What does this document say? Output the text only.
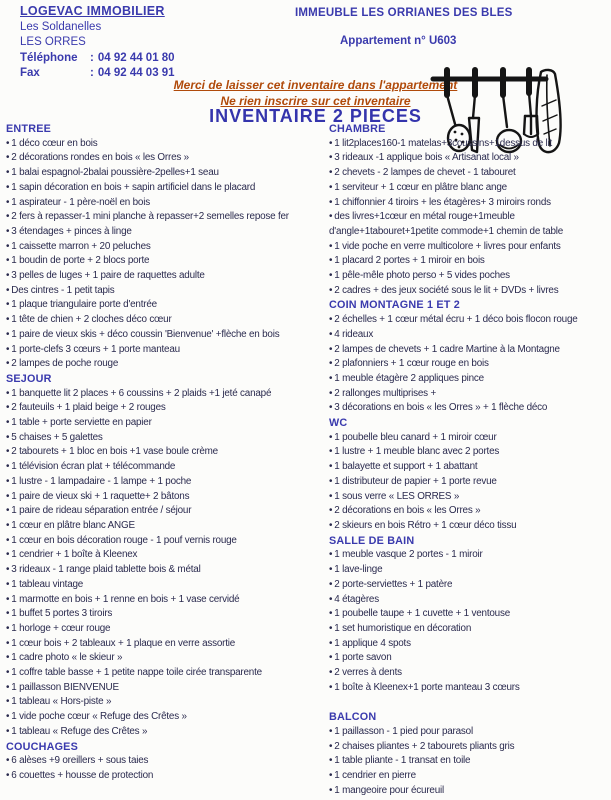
LOGEVAC IMMOBILIER
Les Soldanelles
LES ORRES
Téléphone	: 04 92 44 01 80
Fax	: 04 92 44 03 91
IMMEUBLE LES ORRIANES DES BLES
Appartement n° U603
Merci de laisser cet inventaire dans l'appartement
Ne rien inscrire sur cet inventaire
INVENTAIRE 2 PIECES
ENTREE
• 1 déco cœur en bois
• 2 décorations rondes en bois « les Orres »
• 1 balai espagnol-2balai poussière-2pelles+1 seau
• 1 sapin décoration en bois + sapin artificiel dans le placard
• 1 aspirateur - 1 père-noël en bois
• 2 fers à repasser-1 mini planche à repasser+2 semelles repose fer
• 3 étendages + pinces à linge
• 1 caissette marron + 20 peluches
• 1 boudin de porte + 2 blocs porte
• 3 pelles de luges + 1 paire de raquettes adulte
• Des cintres - 1 petit tapis
• 1 plaque triangulaire porte d'entrée
• 1 tête de chien + 2 cloches déco cœur
• 1 paire de vieux skis + déco coussin 'Bienvenue' +flèche en bois
• 1 porte-clefs 3 cœurs + 1 porte manteau
• 2 lampes de poche rouge
SEJOUR
• 1 banquette lit 2 places + 6 coussins + 2 plaids +1 jeté canapé
• 2 fauteuils + 1 plaid beige + 2 rouges
• 1 table + porte serviette en papier
• 5 chaises + 5 galettes
• 2 tabourets + 1 bloc en bois +1 vase boule crème
• 1 télévision écran plat + télécommande
• 1 lustre - 1 lampadaire - 1 lampe + 1 poche
• 1 paire de vieux ski + 1 raquette+ 2 bâtons
• 1 paire de rideau séparation entrée / séjour
• 1 cœur en plâtre blanc ANGE
• 1 cœur en bois décoration rouge - 1 pouf vernis rouge
• 1 cendrier + 1 boîte à Kleenex
• 3 rideaux - 1 range plaid tablette bois & métal
• 1 tableau vintage
• 1 marmotte en bois + 1 renne en bois + 1 vase cervidé
• 1 buffet 5 portes 3 tiroirs
• 1 horloge + cœur rouge
• 1 cœur bois + 2 tableaux + 1 plaque en verre assortie
• 1 cadre photo « le skieur »
• 1 coffre table basse + 1 petite nappe toile cirée transparente
• 1 paillasson BIENVENUE
• 1 tableau « Hors-piste »
• 1 vide poche cœur « Refuge des Crêtes »
• 1 tableau « Refuge des Crêtes »
COUCHAGES
• 6 alèses +9 oreillers + sous taies
• 6 couettes + housse de protection
CHAMBRE
• 1 lit2places160-1 matelas+3coussins+1dessus de lit
• 3 rideaux -1 applique bois « Artisanat local »
• 2 chevets - 2 lampes de chevet - 1 tabouret
• 1 serviteur + 1 cœur en plâtre blanc ange
• 1 chiffonnier 4 tiroirs + les étagères+ 3 miroirs ronds
• des livres+1cœur en métal rouge+1meuble d'angle+1tabouret+1petite commode+1 chemin de table
• 1 vide poche en verre multicolore + livres pour enfants
• 1 placard 2 portes + 1 miroir en bois
• 1 pêle-mêle photo perso + 5 vides poches
• 2 cadres + des jeux société sous le lit + DVDs + livres
COIN MONTAGNE 1 ET 2
• 2 échelles + 1 cœur métal écru + 1 déco bois flocon rouge
• 4 rideaux
• 2 lampes de chevets + 1 cadre Martine à la Montagne
• 2 plafonniers + 1 cœur rouge en bois
• 1 meuble étagère 2 appliques pince
• 2 rallonges multiprises +
• 3 décorations en bois « les Orres » + 1 flèche déco
WC
• 1 poubelle bleu canard + 1 miroir cœur
• 1 lustre + 1 meuble blanc avec 2 portes
• 1 balayette et support + 1 abattant
• 1 distributeur de papier + 1 porte revue
• 1 sous verre « LES ORRES »
• 2 décorations en bois « les Orres »
• 2 skieurs en bois Rétro + 1 cœur déco tissu
SALLE DE BAIN
• 1 meuble vasque 2 portes - 1 miroir
• 1 lave-linge
• 2 porte-serviettes + 1 patère
• 4 étagères
• 1 poubelle taupe + 1 cuvette + 1 ventouse
• 1 set humoristique en décoration
• 1 applique 4 spots
• 1 porte savon
• 2 verres à dents
• 1 boîte à Kleenex+1 porte manteau 3 cœurs
BALCON
• 1 paillasson - 1 pied pour parasol
• 2 chaises pliantes + 2 tabourets pliants gris
• 1 table pliante - 1 transat en toile
• 1 cendrier en pierre
• 1 mangeoire pour écureuil
